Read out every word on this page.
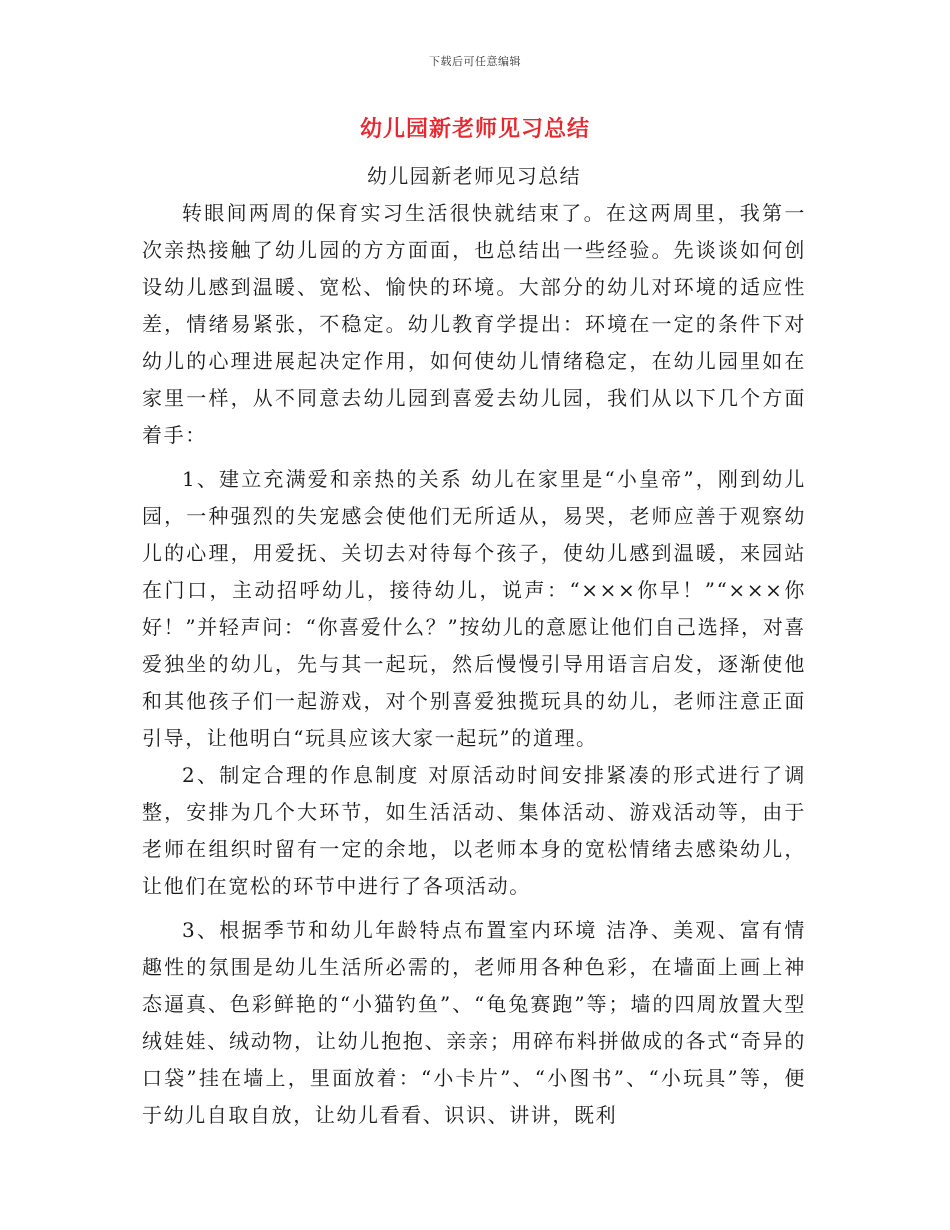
下载后可任意编辑
幼儿园新老师见习总结

幼儿园新老师见习总结

转眼间两周的保育实习生活很快就结束了。在这两周里，我第一次亲热接触了幼儿园的方方面面，也总结出一些经验。先谈谈如何创设幼儿感到温暖、宽松、愉快的环境。大部分的幼儿对环境的适应性差，情绪易紧张，不稳定。幼儿教育学提出：环境在一定的条件下对幼儿的心理进展起决定作用，如何使幼儿情绪稳定，在幼儿园里如在家里一样，从不同意去幼儿园到喜爱去幼儿园，我们从以下几个方面着手：

1、建立充满爱和亲热的关系 幼儿在家里是“小皇帝”，刚到幼儿园，一种强烈的失宠感会使他们无所适从，易哭，老师应善于观察幼儿的心理，用爱抚、关切去对待每个孩子，使幼儿感到温暖，来园站在门口，主动招呼幼儿，接待幼儿，说声：“×××你早！”“×××你好！”并轻声问：“你喜爱什么？”按幼儿的意愿让他们自己选择，对喜爱独坐的幼儿，先与其一起玩，然后慢慢引导用语言启发，逐渐使他和其他孩子们一起游戏，对个别喜爱独揽玩具的幼儿，老师注意正面引导，让他明白“玩具应该大家一起玩”的道理。

2、制定合理的作息制度 对原活动时间安排紧凑的形式进行了调整，安排为几个大环节，如生活活动、集体活动、游戏活动等，由于老师在组织时留有一定的余地，以老师本身的宽松情绪去感染幼儿，让他们在宽松的环节中进行了各项活动。

3、根据季节和幼儿年龄特点布置室内环境 洁净、美观、富有情趣性的氛围是幼儿生活所必需的，老师用各种色彩，在墙面上画上神态逼真、色彩鲜艳的“小猫钓鱼”、“龟兔赛跑”等；墙的四周放置大型绒娃娃、绒动物，让幼儿抱抱、亲亲；用碎布料拼做成的各式“奇异的口袋”挂在墙上，里面放着：“小卡片”、“小图书”、“小玩具”等，便于幼儿自取自放，让幼儿看看、识识、讲讲，既利
